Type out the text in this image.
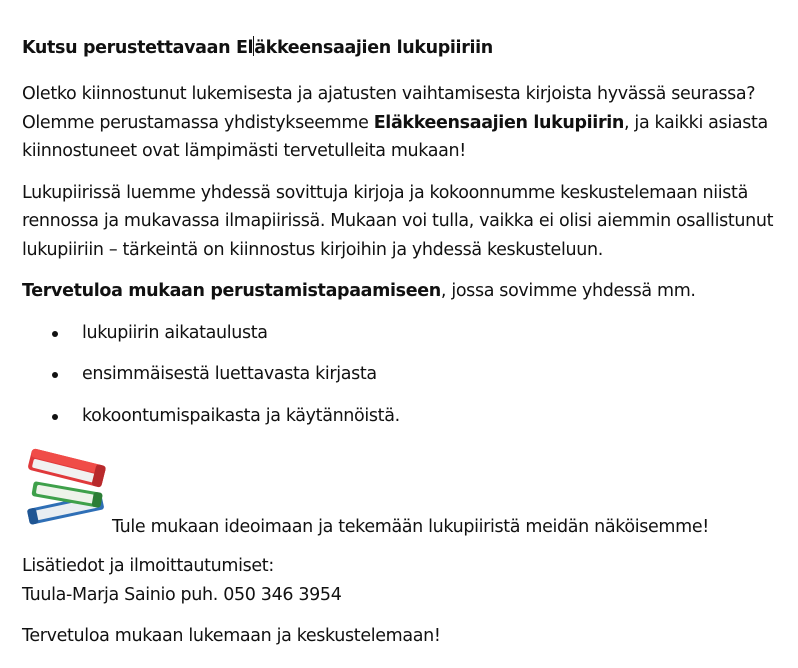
Kutsu perustettavaan Eläkkeensaajien lukupiiriin

Oletko kiinnostunut lukemisesta ja ajatusten vaihtamisesta kirjoista hyvässä seurassa? Olemme perustamassa yhdistykseemme Eläkkeensaajien lukupiirin, ja kaikki asiasta kiinnostuneet ovat lämpimästi tervetulleita mukaan!

Lukupiirissä luemme yhdessä sovittuja kirjoja ja kokoonnumme keskustelemaan niistä rennossa ja mukavassa ilmapiirissä. Mukaan voi tulla, vaikka ei olisi aiemmin osallistunut lukupiiriin – tärkeintä on kiinnostus kirjoihin ja yhdessä keskusteluun.

Tervetuloa mukaan perustamistapaamiseen, jossa sovimme yhdessä mm.

lukupiirin aikataulusta
ensimmäisestä luettavasta kirjasta
kokoontumispaikasta ja käytännöistä.
Tule mukaan ideoimaan ja tekemään lukupiiristä meidän näköisemme!

Lisätiedot ja ilmoittautumiset:
Tuula-Marja Sainio puh. 050 346 3954

Tervetuloa mukaan lukemaan ja keskustelemaan!
